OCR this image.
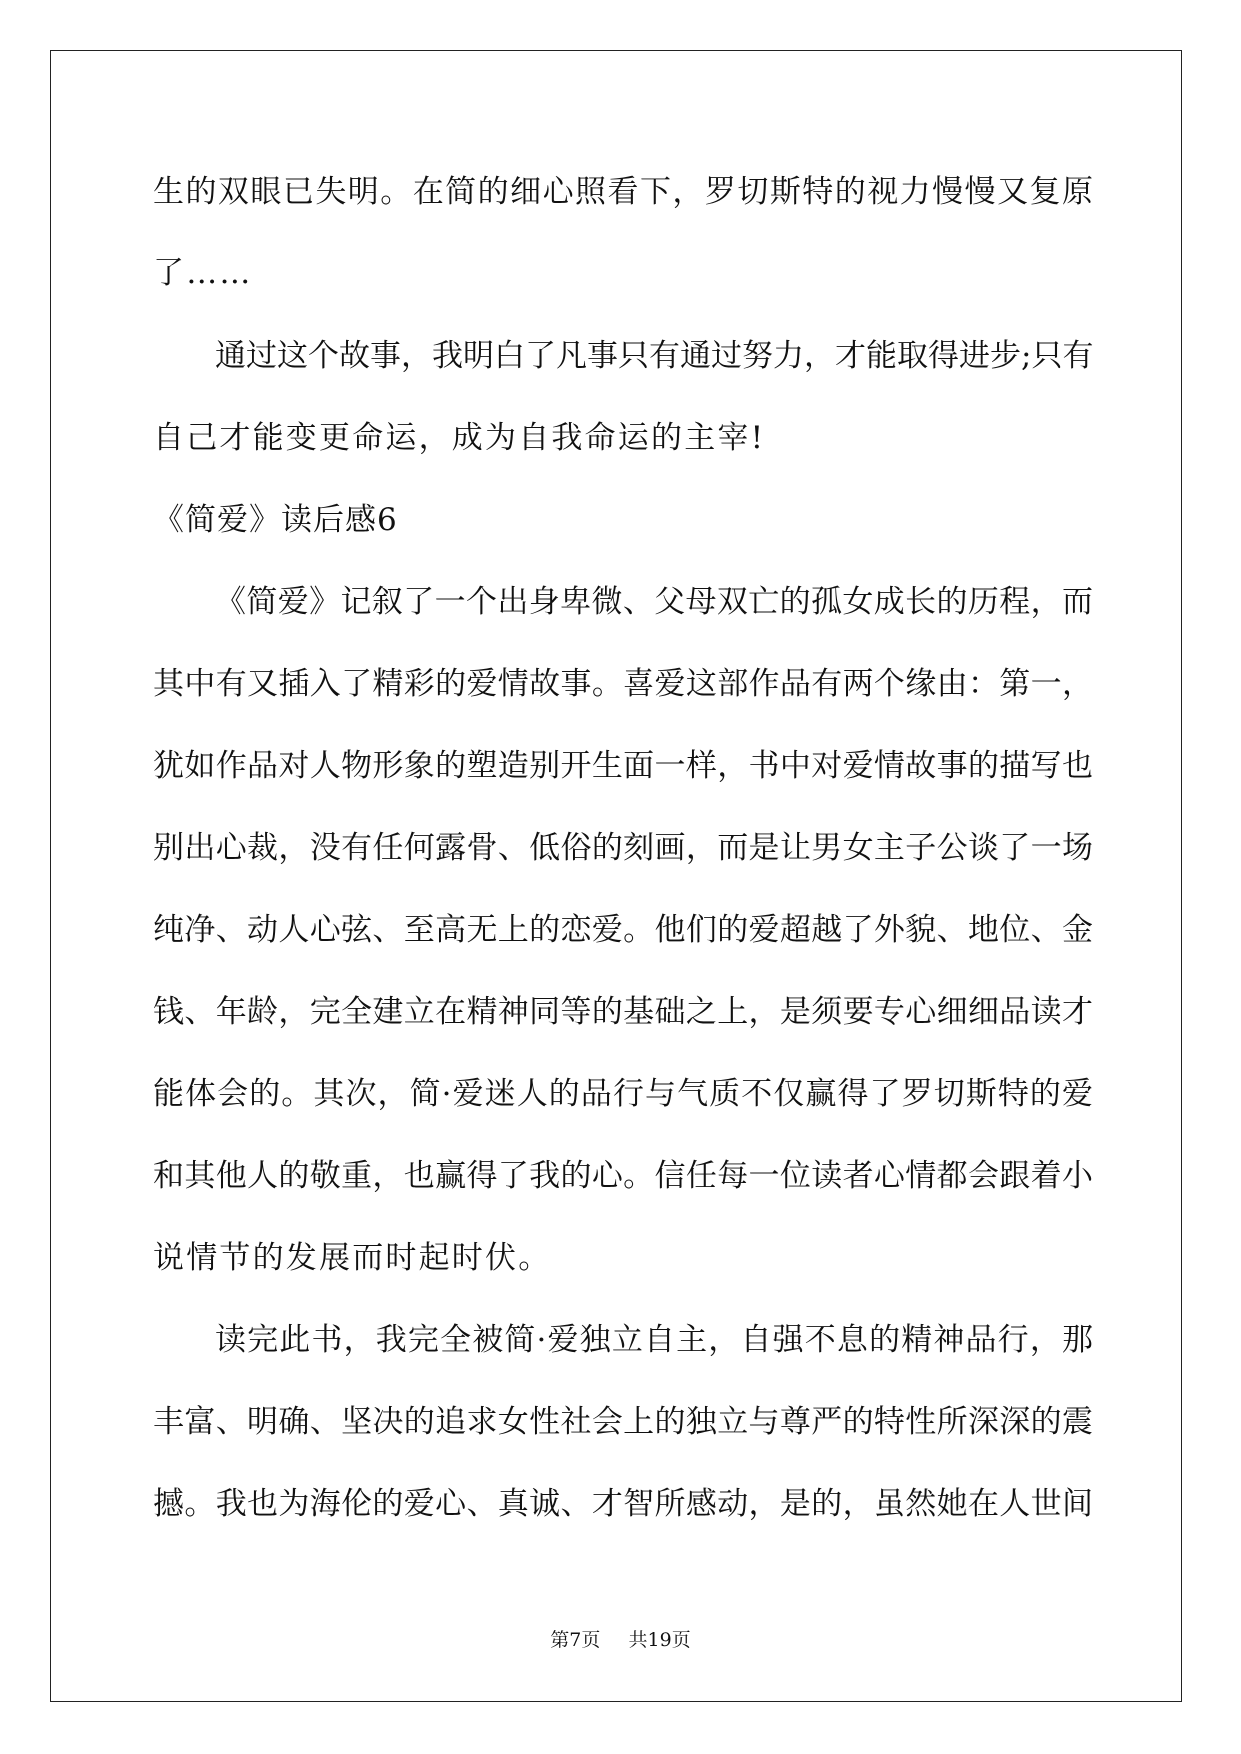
生的双眼已失明。在简的细心照看下，罗切斯特的视力慢慢又复原
了……
通过这个故事，我明白了凡事只有通过努力，才能取得进步;只有
自己才能变更命运，成为自我命运的主宰!
《简爱》读后感6
《简爱》记叙了一个出身卑微、父母双亡的孤女成长的历程，而
其中有又插入了精彩的爱情故事。喜爱这部作品有两个缘由：第一，
犹如作品对人物形象的塑造别开生面一样，书中对爱情故事的描写也
别出心裁，没有任何露骨、低俗的刻画，而是让男女主子公谈了一场
纯净、动人心弦、至高无上的恋爱。他们的爱超越了外貌、地位、金
钱、年龄，完全建立在精神同等的基础之上，是须要专心细细品读才
能体会的。其次，简·爱迷人的品行与气质不仅赢得了罗切斯特的爱
和其他人的敬重，也赢得了我的心。信任每一位读者心情都会跟着小
说情节的发展而时起时伏。
读完此书，我完全被简·爱独立自主，自强不息的精神品行，那
丰富、明确、坚决的追求女性社会上的独立与尊严的特性所深深的震
撼。我也为海伦的爱心、真诚、才智所感动，是的，虽然她在人世间
第7页 共19页
